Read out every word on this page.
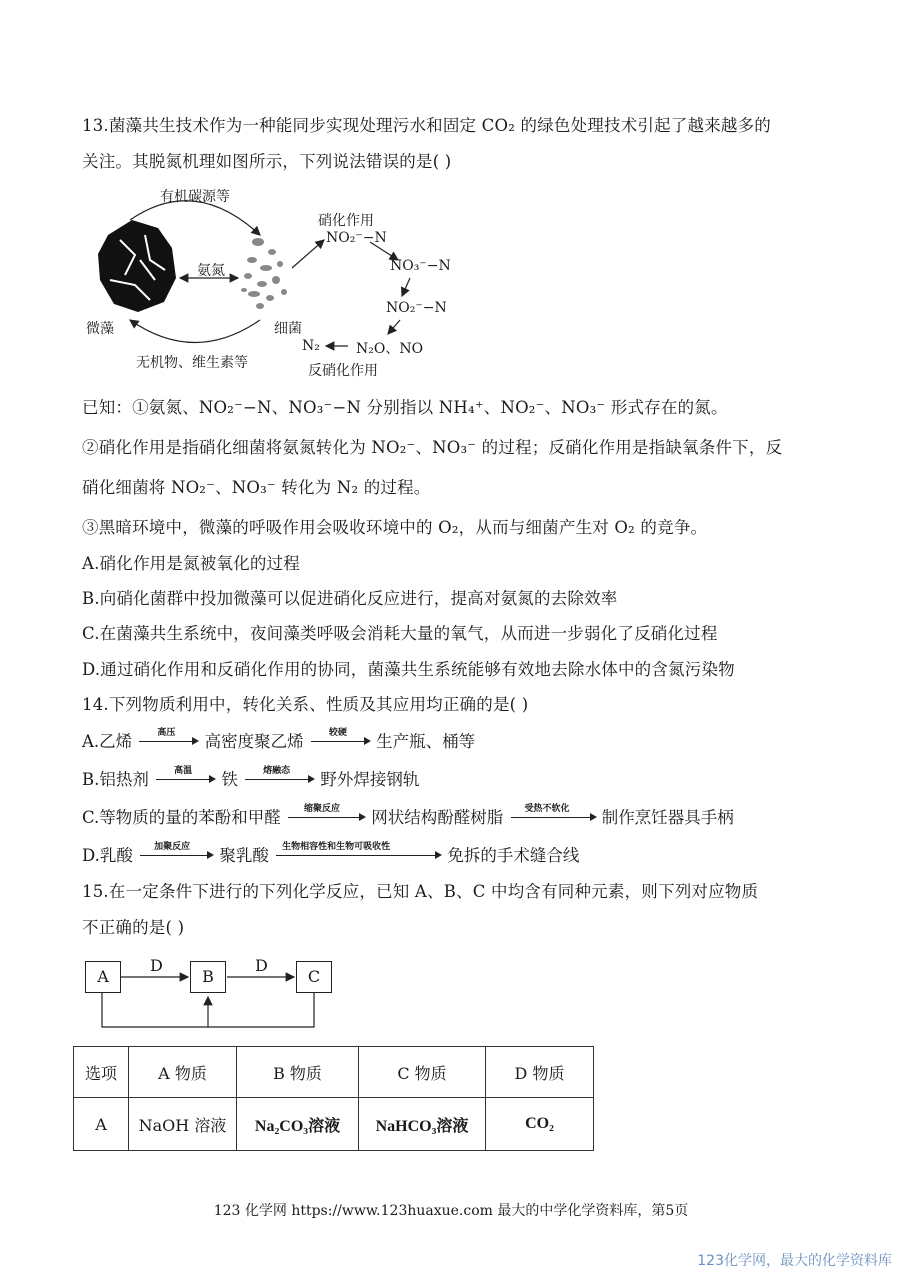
13.菌藻共生技术作为一种能同步实现处理污水和固定 CO₂ 的绿色处理技术引起了越来越多的
关注。其脱氮机理如图所示，下列说法错误的是( )
有机碳源等
氨氮
微藻	细菌
无机物、维生素等
硝化作用
NO₂⁻−N
NO₃⁻−N
NO₂⁻−N
N₂O、NO
N₂
反硝化作用
已知：①氨氮、NO₂⁻−N、NO₃⁻−N 分别指以 NH₄⁺、NO₂⁻、NO₃⁻ 形式存在的氮。
②硝化作用是指硝化细菌将氨氮转化为 NO₂⁻、NO₃⁻ 的过程；反硝化作用是指缺氧条件下，反
硝化细菌将 NO₂⁻、NO₃⁻ 转化为 N₂ 的过程。
③黑暗环境中，微藻的呼吸作用会吸收环境中的 O₂，从而与细菌产生对 O₂ 的竞争。
A.硝化作用是氮被氧化的过程
B.向硝化菌群中投加微藻可以促进硝化反应进行，提高对氨氮的去除效率
C.在菌藻共生系统中，夜间藻类呼吸会消耗大量的氧气，从而进一步弱化了反硝化过程
D.通过硝化作用和反硝化作用的协同，菌藻共生系统能够有效地去除水体中的含氮污染物
14.下列物质利用中，转化关系、性质及其应用均正确的是( )
A.乙烯	高压 高密度聚乙烯	较硬 生产瓶、桶等
B.铝热剂	高温 铁	熔融态 野外焊接钢轨
C.等物质的量的苯酚和甲醛	缩聚反应 网状结构酚醛树脂 受热不软化 制作烹饪器具手柄
D.乳酸 加聚反应 聚乳酸 生物相容性和生物可吸收性	免拆的手术缝合线
15.在一定条件下进行的下列化学反应，已知 A、B、C 中均含有同种元素，则下列对应物质
不正确的是( )
A	B	C
D	D
选项	A 物质	B 物质	C 物质	D 物质
A	NaOH 溶液	Na₂CO₃溶液	NaHCO₃溶液	CO₂
123 化学网 https://www.123huaxue.com 最大的中学化学资料库，第5页
123化学网，最大的化学资料库
